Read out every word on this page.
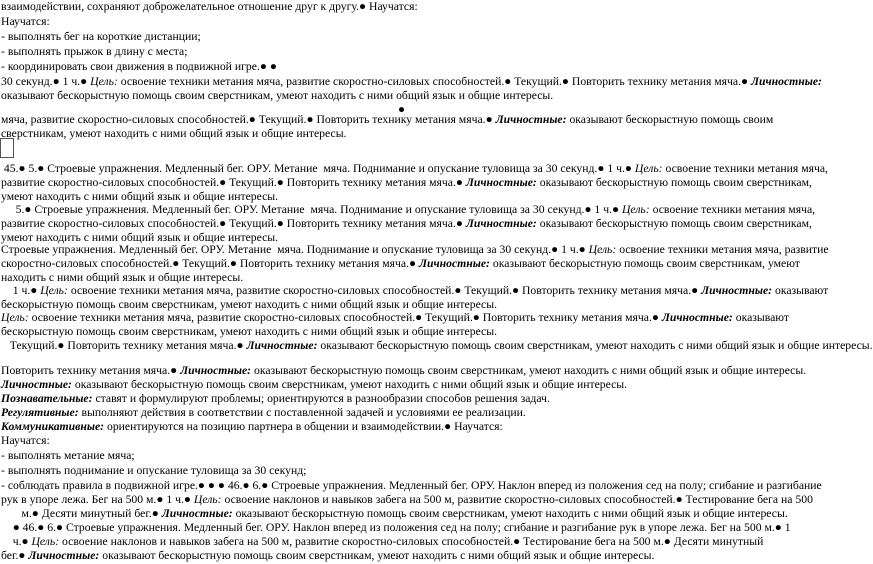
взаимодействии, сохраняют доброжелательное отношение друг к другу.● Научатся:
Научатся:
- выполнять бег на короткие дистанции;
- выполнять прыжок в длину с места;
- координировать свои движения в подвижной игре.● ●
30 секунд.● 1 ч.● Цель: освоение техники метания мяча, развитие скоростно-силовых способностей.● Текущий.● Повторить технику метания мяча.● Личностные:
оказывают бескорыстную помощь своим сверстникам, умеют находить с ними общий язык и общие интересы.
●
мяча, развитие скоростно-силовых способностей.● Текущий.● Повторить технику метания мяча.● Личностные: оказывают бескорыстную помощь своим
сверстникам, умеют находить с ними общий язык и общие интересы.
45.● 5.● Строевые упражнения. Медленный бег. ОРУ. Метание  мяча. Поднимание и опускание туловища за 30 секунд.● 1 ч.● Цель: освоение техники метания мяча,
развитие скоростно-силовых способностей.● Текущий.● Повторить технику метания мяча.● Личностные: оказывают бескорыстную помощь своим сверстникам,
умеют находить с ними общий язык и общие интересы.
5.● Строевые упражнения. Медленный бег. ОРУ. Метание  мяча. Поднимание и опускание туловища за 30 секунд.● 1 ч.● Цель: освоение техники метания мяча,
развитие скоростно-силовых способностей.● Текущий.● Повторить технику метания мяча.● Личностные: оказывают бескорыстную помощь своим сверстникам,
умеют находить с ними общий язык и общие интересы.
Строевые упражнения. Медленный бег. ОРУ. Метание  мяча. Поднимание и опускание туловища за 30 секунд.● 1 ч.● Цель: освоение техники метания мяча, развитие
скоростно-силовых способностей.● Текущий.● Повторить технику метания мяча.● Личностные: оказывают бескорыстную помощь своим сверстникам, умеют
находить с ними общий язык и общие интересы.
1 ч.● Цель: освоение техники метания мяча, развитие скоростно-силовых способностей.● Текущий.● Повторить технику метания мяча.● Личностные: оказывают
бескорыстную помощь своим сверстникам, умеют находить с ними общий язык и общие интересы.
Цель: освоение техники метания мяча, развитие скоростно-силовых способностей.● Текущий.● Повторить технику метания мяча.● Личностные: оказывают
бескорыстную помощь своим сверстникам, умеют находить с ними общий язык и общие интересы.
Текущий.● Повторить технику метания мяча.● Личностные: оказывают бескорыстную помощь своим сверстникам, умеют находить с ними общий язык и общие интересы.
Повторить технику метания мяча.● Личностные: оказывают бескорыстную помощь своим сверстникам, умеют находить с ними общий язык и общие интересы.
Личностные: оказывают бескорыстную помощь своим сверстникам, умеют находить с ними общий язык и общие интересы.
Познавательные: ставят и формулируют проблемы; ориентируются в разнообразии способов решения задач.
Регулятивные: выполняют действия в соответствии с поставленной задачей и условиями ее реализации.
Коммуникативные: ориентируются на позицию партнера в общении и взаимодействии.● Научатся:
Научатся:
- выполнять метание мяча;
- выполнять поднимание и опускание туловища за 30 секунд;
- соблюдать правила в подвижной игре.● ● ● 46.● 6.● Строевые упражнения. Медленный бег. ОРУ. Наклон вперед из положения сед на полу; сгибание и разгибание
рук в упоре лежа. Бег на 500 м.● 1 ч.● Цель: освоение наклонов и навыков забега на 500 м, развитие скоростно-силовых способностей.● Тестирование бега на 500
м.● Десяти минутный бег.● Личностные: оказывают бескорыстную помощь своим сверстникам, умеют находить с ними общий язык и общие интересы.
● 46.● 6.● Строевые упражнения. Медленный бег. ОРУ. Наклон вперед из положения сед на полу; сгибание и разгибание рук в упоре лежа. Бег на 500 м.● 1
ч.● Цель: освоение наклонов и навыков забега на 500 м, развитие скоростно-силовых способностей.● Тестирование бега на 500 м.● Десяти минутный
бег.● Личностные: оказывают бескорыстную помощь своим сверстникам, умеют находить с ними общий язык и общие интересы.
